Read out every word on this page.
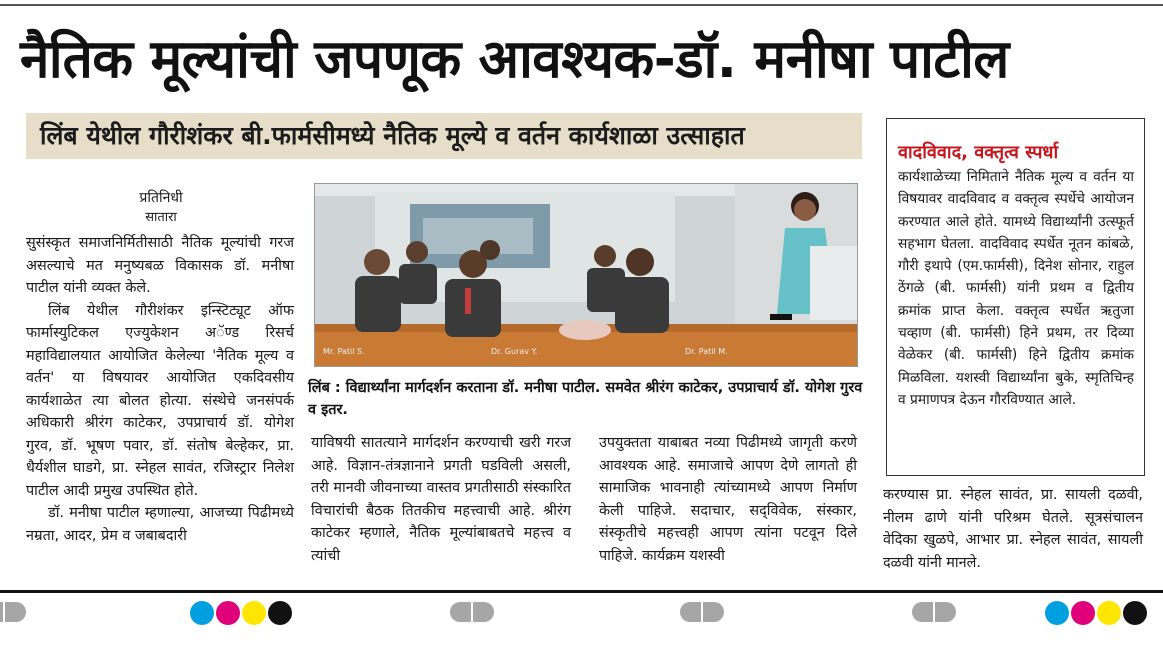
नैतिक मूल्यांची जपणूक आवश्यक-डॉ. मनीषा पाटील
लिंब येथील गौरीशंकर बी.फार्मसीमध्ये नैतिक मूल्ये व वर्तन कार्यशाळा उत्साहात
प्रतिनिधी
सातारा

सुसंस्कृत समाजनिर्मितीसाठी नैतिक मूल्यांची गरज असल्याचे मत मनुष्यबळ विकासक डॉ. मनीषा पाटील यांनी व्यक्त केले.

लिंब येथील गौरीशंकर इन्स्टिट्यूट ऑफ फार्मास्युटिकल एज्युकेशन अॅण्ड रिसर्च महाविद्यालयात आयोजित केलेल्या 'नैतिक मूल्य व वर्तन' या विषयावर आयोजित एकदिवसीय कार्यशाळेत त्या बोलत होत्या. संस्थेचे जनसंपर्क अधिकारी श्रीरंग काटेकर, उपप्राचार्य डॉ. योगेश गुरव, डॉ. भूषण पवार, डॉ. संतोष बेल्हेकर, प्रा. धैर्यशील घाडगे, प्रा. स्नेहल सावंत, रजिस्ट्रार निलेश पाटील आदी प्रमुख उपस्थित होते.

डॉ. मनीषा पाटील म्हणाल्या, आजच्या पिढीमध्ये नम्रता, आदर, प्रेम व जबाबदारी

Mr. Patil S.	Dr. Gurav Y.	Dr. Patil M.
लिंब : विद्यार्थ्यांना मार्गदर्शन करताना डॉ. मनीषा पाटील. समवेत श्रीरंग काटेकर, उपप्राचार्य डॉ. योगेश गुरव व इतर.

याविषयी सातत्याने मार्गदर्शन करण्याची खरी गरज आहे. विज्ञान-तंत्रज्ञानाने प्रगती घडविली असली, तरी मानवी जीवनाच्या वास्तव प्रगतीसाठी संस्कारित विचारांची बैठक तितकीच महत्त्वाची आहे. श्रीरंग काटेकर म्हणाले, नैतिक मूल्यांबाबतचे महत्त्व व त्यांची

उपयुक्तता याबाबत नव्या पिढीमध्ये जागृती करणे आवश्यक आहे. समाजाचे आपण देणे लागतो ही सामाजिक भावनाही त्यांच्यामध्ये आपण निर्माण केली पाहिजे. सदाचार, सद्‌विवेक, संस्कार, संस्कृतीचे महत्त्वही आपण त्यांना पटवून दिले पाहिजे. कार्यक्रम यशस्वी

वादविवाद, वक्तृत्व स्पर्धा
कार्यशाळेच्या निमिताने नैतिक मूल्य व वर्तन या विषयावर वादविवाद व वक्तृत्व स्पर्धेचे आयोजन करण्यात आले होते. यामध्ये विद्यार्थ्यांनी उत्स्फूर्त सहभाग घेतला. वादविवाद स्पर्धेत नूतन कांबळे, गौरी इथापे (एम.फार्मसी), दिनेश सोनार, राहुल ठेंगळे (बी. फार्मसी) यांनी प्रथम व द्वितीय क्रमांक प्राप्त केला. वक्तृत्व स्पर्धेत ऋतुजा चव्हाण (बी. फार्मसी) हिने प्रथम, तर दिव्या वेळेकर (बी. फार्मसी) हिने द्वितीय क्रमांक मिळविला. यशस्वी विद्यार्थ्यांना बुके, स्मृतिचिन्ह व प्रमाणपत्र देऊन गौरविण्यात आले.

करण्यास प्रा. स्नेहल सावंत, प्रा. सायली दळवी, नीलम ढाणे यांनी परिश्रम घेतले. सूत्रसंचालन वेदिका खुळपे, आभार प्रा. स्नेहल सावंत, सायली दळवी यांनी मानले.
